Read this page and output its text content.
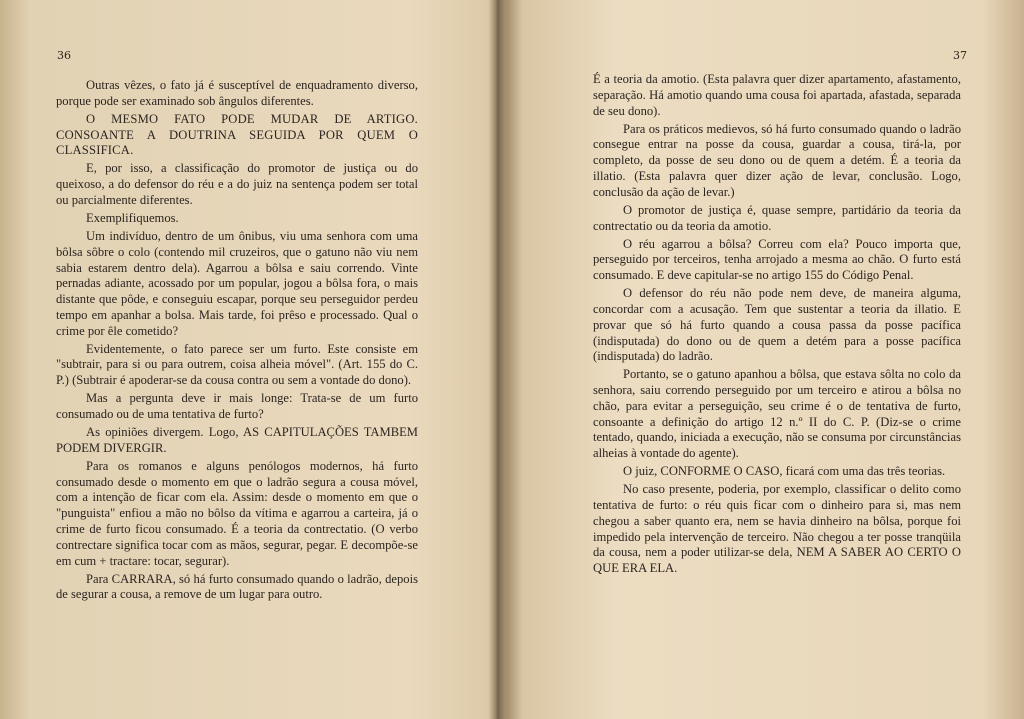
36

Outras vêzes, o fato já é susceptível de enquadramento diverso, porque pode ser examinado sob ângulos diferentes.

O MESMO FATO PODE MUDAR DE ARTIGO. CONSOANTE A DOUTRINA SEGUIDA POR QUEM O CLASSIFICA.

E, por isso, a classificação do promotor de justiça ou do queixoso, a do defensor do réu e a do juiz na sentença podem ser total ou parcialmente diferentes.

Exemplifiquemos.

Um indivíduo, dentro de um ônibus, viu uma senhora com uma bôlsa sôbre o colo (contendo mil cruzeiros, que o gatuno não viu nem sabia estarem dentro dela). Agarrou a bôlsa e saiu correndo. Vinte pernadas adiante, acossado por um popular, jogou a bôlsa fora, o mais distante que pôde, e conseguiu escapar, porque seu perseguidor perdeu tempo em apanhar a bolsa. Mais tarde, foi prêso e processado. Qual o crime por êle cometido?

Evidentemente, o fato parece ser um furto. Este consiste em "subtrair, para si ou para outrem, coisa alheia móvel". (Art. 155 do C. P.) (Subtrair é apoderar-se da cousa contra ou sem a vontade do dono).

Mas a pergunta deve ir mais longe: Trata-se de um furto consumado ou de uma tentativa de furto?

As opiniões divergem. Logo, AS CAPITULAÇÕES TAMBEM PODEM DIVERGIR.

Para os romanos e alguns penólogos modernos, há furto consumado desde o momento em que o ladrão segura a cousa móvel, com a intenção de ficar com ela. Assim: desde o momento em que o "punguista" enfiou a mão no bôlso da vítima e agarrou a carteira, já o crime de furto ficou consumado. É a teoria da contrectatio. (O verbo contrectare significa tocar com as mãos, segurar, pegar. E decompõe-se em cum + tractare: tocar, segurar).

Para CARRARA, só há furto consumado quando o ladrão, depois de segurar a cousa, a remove de um lugar para outro.

37

É a teoria da amotio. (Esta palavra quer dizer apartamento, afastamento, separação. Há amotio quando uma cousa foi apartada, afastada, separada de seu dono).

Para os práticos medievos, só há furto consumado quando o ladrão consegue entrar na posse da cousa, guardar a cousa, tirá-la, por completo, da posse de seu dono ou de quem a detém. É a teoria da illatio. (Esta palavra quer dizer ação de levar, conclusão. Logo, conclusão da ação de levar.)

O promotor de justiça é, quase sempre, partidário da teoria da contrectatio ou da teoria da amotio.

O réu agarrou a bôlsa? Correu com ela? Pouco importa que, perseguido por terceiros, tenha arrojado a mesma ao chão. O furto está consumado. E deve capitular-se no artigo 155 do Código Penal.

O defensor do réu não pode nem deve, de maneira alguma, concordar com a acusação. Tem que sustentar a teoria da illatio. E provar que só há furto quando a cousa passa da posse pacífica (indisputada) do dono ou de quem a detém para a posse pacífica (indisputada) do ladrão.

Portanto, se o gatuno apanhou a bôlsa, que estava sôlta no colo da senhora, saiu correndo perseguido por um terceiro e atirou a bôlsa no chão, para evitar a perseguição, seu crime é o de tentativa de furto, consoante a definição do artigo 12 n.º II do C. P. (Diz-se o crime tentado, quando, iniciada a execução, não se consuma por circunstâncias alheias à vontade do agente).

O juiz, CONFORME O CASO, ficará com uma das três teorias.

No caso presente, poderia, por exemplo, classificar o delito como tentativa de furto: o réu quis ficar com o dinheiro para si, mas nem chegou a saber quanto era, nem se havia dinheiro na bôlsa, porque foi impedido pela intervenção de terceiro. Não chegou a ter posse tranqüila da cousa, nem a poder utilizar-se dela, NEM A SABER AO CERTO O QUE ERA ELA.
